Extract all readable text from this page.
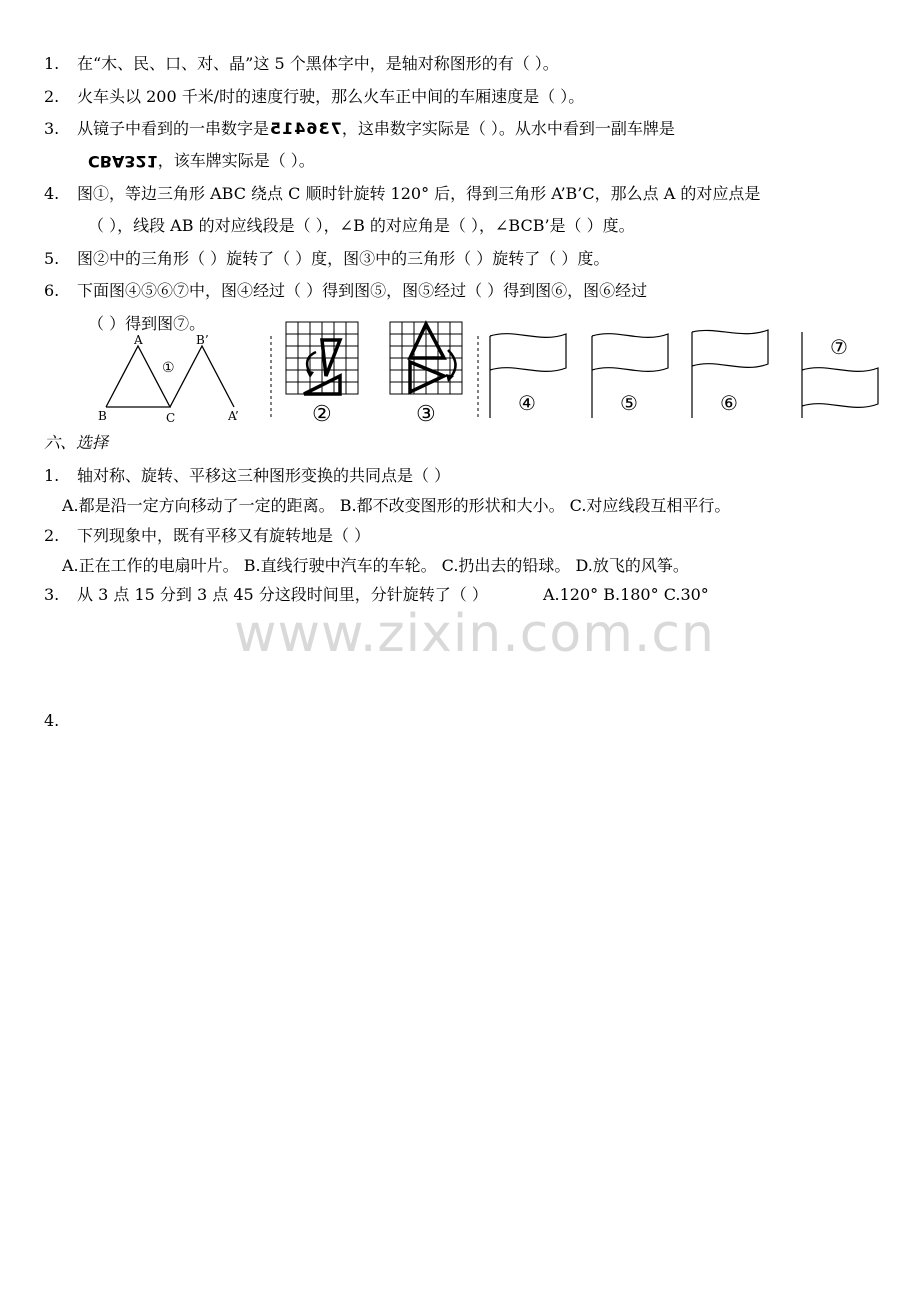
1. 在“木、民、口、对、晶”这 5 个黑体字中，是轴对称图形的有（ ）。
2. 火车头以 200 千米/时的速度行驶，那么火车正中间的车厢速度是（ ）。
3. 从镜子中看到的一串数字是736415，这串数字实际是（ ）。从水中看到一副车牌是
CBA321，该车牌实际是（ ）。
4. 图①，等边三角形 ABC 绕点 C 顺时针旋转 120° 后，得到三角形 A’B’C，那么点 A 的对应点是
（ ），线段 AB 的对应线段是（ ），∠B 的对应角是（ ），∠BCB’是（ ）度。
5. 图②中的三角形（ ）旋转了（ ）度，图③中的三角形（ ）旋转了（ ）度。
6. 下面图④⑤⑥⑦中，图④经过（ ）得到图⑤，图⑤经过（ ）得到图⑥，图⑥经过
（ ）得到图⑦。
A	B’
①
B	C	A’	②	③	④	⑤	⑥
⑦
六、选择
1. 轴对称、旋转、平移这三种图形变换的共同点是（ ）
A.都是沿一定方向移动了一定的距离。 B.都不改变图形的形状和大小。 C.对应线段互相平行。
2. 下列现象中，既有平移又有旋转地是（ ）
A.正在工作的电扇叶片。 B.直线行驶中汽车的车轮。 C.扔出去的铅球。 D.放飞的风筝。
3. 从 3 点 15 分到 3 点 45 分这段时间里，分针旋转了（ ）	A.120° B.180° C.30°
www.zixin.com.cn
4.
